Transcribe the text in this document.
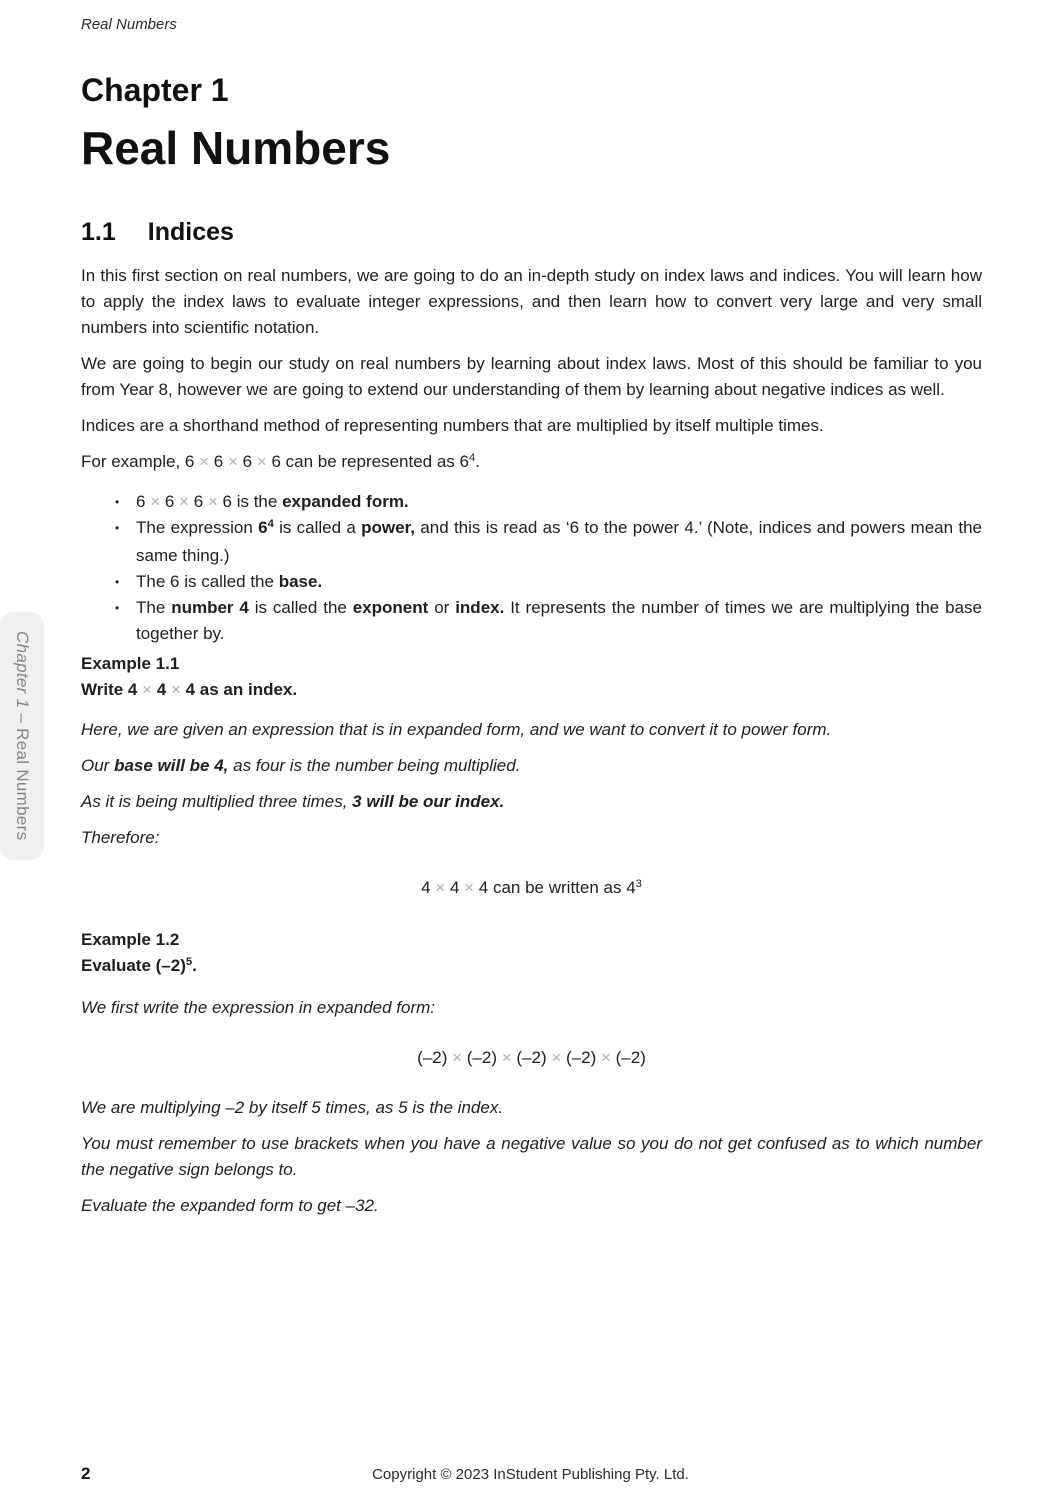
Chapter 1 – Real Numbers
Real Numbers
Chapter 1
Real Numbers
1.1 Indices

In this first section on real numbers, we are going to do an in-depth study on index laws and indices. You will learn how to apply the index laws to evaluate integer expressions, and then learn how to convert very large and very small numbers into scientific notation.

We are going to begin our study on real numbers by learning about index laws. Most of this should be familiar to you from Year 8, however we are going to extend our understanding of them by learning about negative indices as well.

Indices are a shorthand method of representing numbers that are multiplied by itself multiple times.

For example, 6 × 6 × 6 × 6 can be represented as $6^4$.

• 6 × 6 × 6 × 6 is the expanded form.
• The expression $6^4$ is called a power, and this is read as ‘6 to the power 4.’ (Note, indices and powers mean the same thing.)
• The 6 is called the base.
• The number 4 is called the exponent or index. It represents the number of times we are multiplying the base together by.

Example 1.1

Write 4 × 4 × 4 as an index.

Here, we are given an expression that is in expanded form, and we want to convert it to power form.

Our base will be 4, as four is the number being multiplied.

As it is being multiplied three times, 3 will be our index.

Therefore:

4 × 4 × 4 can be written as $4^3$

Example 1.2

Evaluate $(-2)^5$.

We first write the expression in expanded form:

(–2) × (–2) × (–2) × (–2) × (–2)

We are multiplying –2 by itself 5 times, as 5 is the index.

You must remember to use brackets when you have a negative value so you do not get confused as to which number the negative sign belongs to.

Evaluate the expanded form to get –32.

2	Copyright © 2023 InStudent Publishing Pty. Ltd.
